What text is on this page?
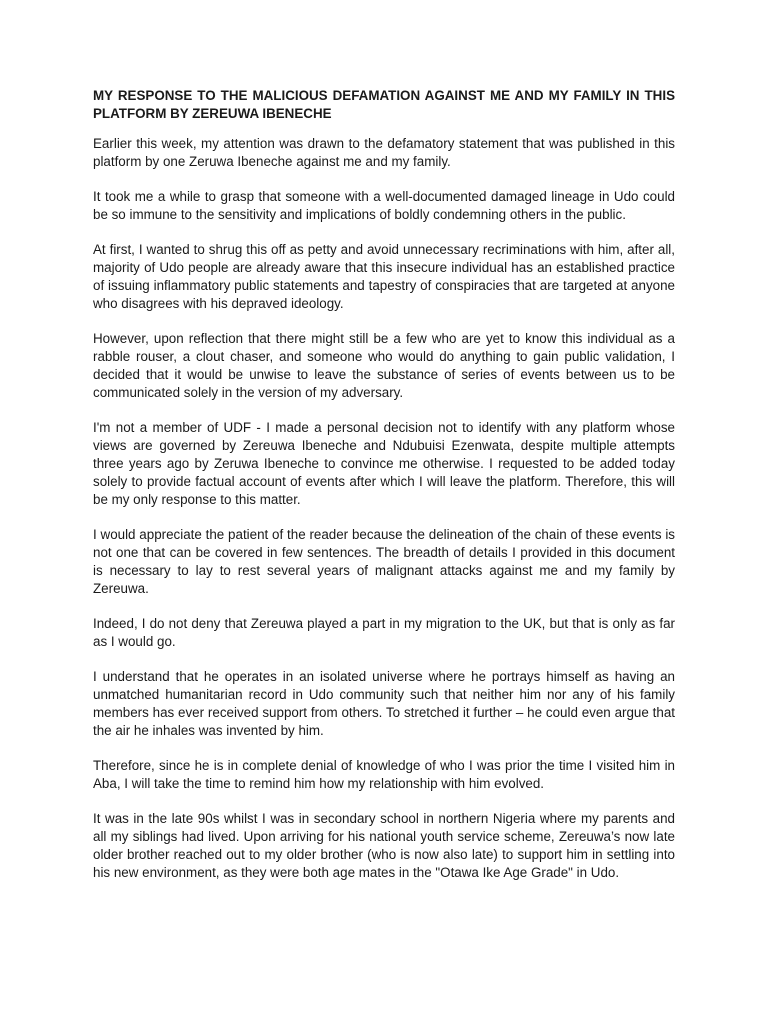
MY RESPONSE TO THE MALICIOUS DEFAMATION AGAINST ME AND MY FAMILY IN THIS PLATFORM BY ZEREUWA IBENECHE
Earlier this week, my attention was drawn to the defamatory statement that was published in this platform by one Zeruwa Ibeneche against me and my family.
It took me a while to grasp that someone with a well-documented damaged lineage in Udo could be so immune to the sensitivity and implications of boldly condemning others in the public.
At first, I wanted to shrug this off as petty and avoid unnecessary recriminations with him, after all, majority of Udo people are already aware that this insecure individual has an established practice of issuing inflammatory public statements and tapestry of conspiracies that are targeted at anyone who disagrees with his depraved ideology.
However, upon reflection that there might still be a few who are yet to know this individual as a rabble rouser, a clout chaser, and someone who would do anything to gain public validation, I decided that it would be unwise to leave the substance of series of events between us to be communicated solely in the version of my adversary.
I'm not a member of UDF - I made a personal decision not to identify with any platform whose views are governed by Zereuwa Ibeneche and Ndubuisi Ezenwata, despite multiple attempts three years ago by Zeruwa Ibeneche to convince me otherwise. I requested to be added today solely to provide factual account of events after which I will leave the platform. Therefore, this will be my only response to this matter.
I would appreciate the patient of the reader because the delineation of the chain of these events is not one that can be covered in few sentences. The breadth of details I provided in this document is necessary to lay to rest several years of malignant attacks against me and my family by Zereuwa.
Indeed, I do not deny that Zereuwa played a part in my migration to the UK, but that is only as far as I would go.
I understand that he operates in an isolated universe where he portrays himself as having an unmatched humanitarian record in Udo community such that neither him nor any of his family members has ever received support from others. To stretched it further – he could even argue that the air he inhales was invented by him.
Therefore, since he is in complete denial of knowledge of who I was prior the time I visited him in Aba, I will take the time to remind him how my relationship with him evolved.
It was in the late 90s whilst I was in secondary school in northern Nigeria where my parents and all my siblings had lived. Upon arriving for his national youth service scheme, Zereuwa’s now late older brother reached out to my older brother (who is now also late) to support him in settling into his new environment, as they were both age mates in the "Otawa Ike Age Grade" in Udo.
